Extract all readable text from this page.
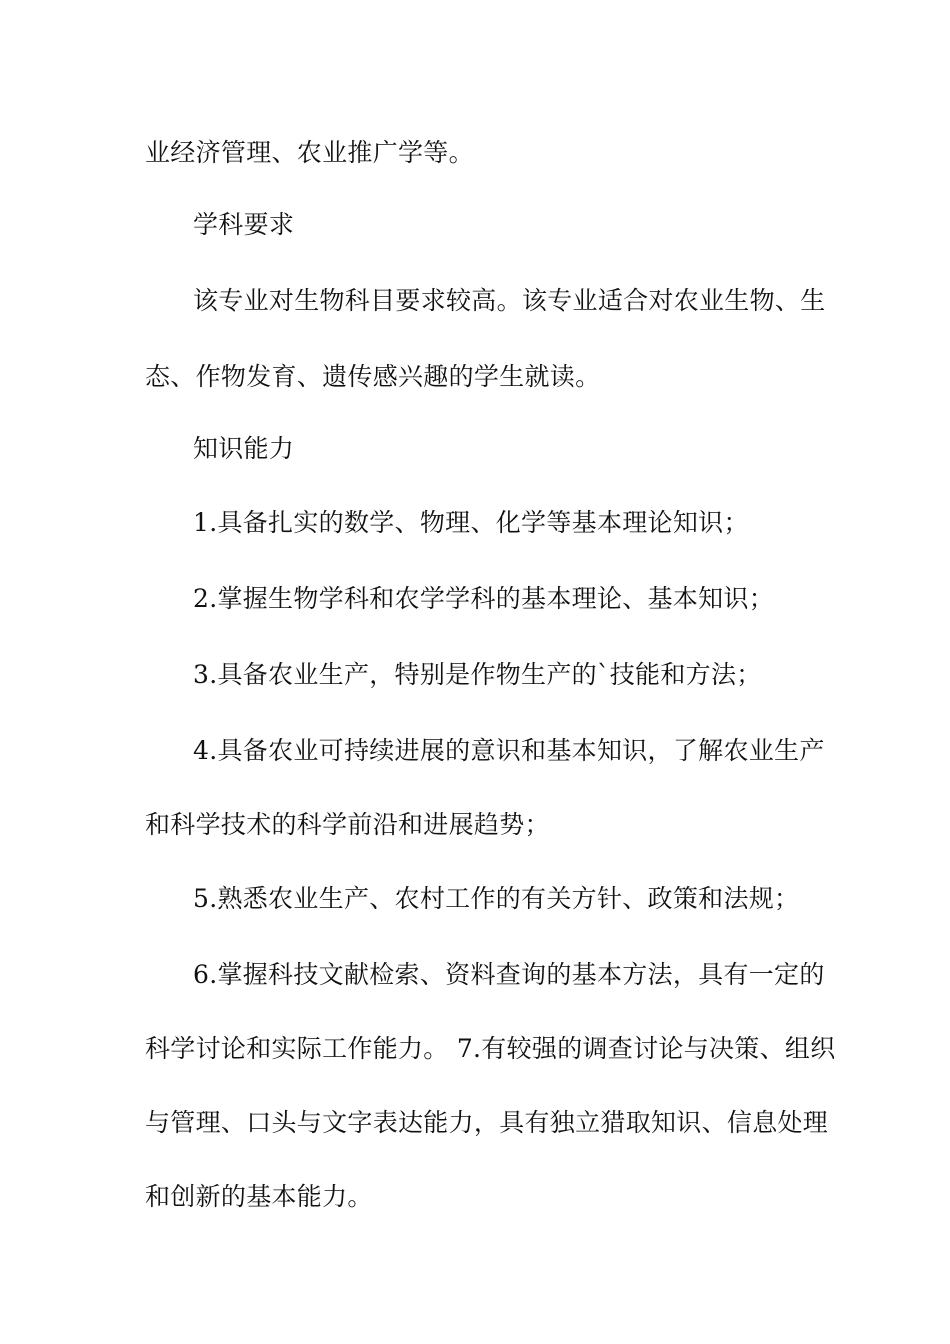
业经济管理、农业推广学等。
学科要求
该专业对生物科目要求较高。该专业适合对农业生物、生
态、作物发育、遗传感兴趣的学生就读。
知识能力
1.具备扎实的数学、物理、化学等基本理论知识；
2.掌握生物学科和农学学科的基本理论、基本知识；
3.具备农业生产，特别是作物生产的`技能和方法；
4.具备农业可持续进展的意识和基本知识，了解农业生产
和科学技术的科学前沿和进展趋势；
5.熟悉农业生产、农村工作的有关方针、政策和法规；
6.掌握科技文献检索、资料查询的基本方法，具有一定的
科学讨论和实际工作能力。 7.有较强的调查讨论与决策、组织
与管理、口头与文字表达能力，具有独立猎取知识、信息处理
和创新的基本能力。
